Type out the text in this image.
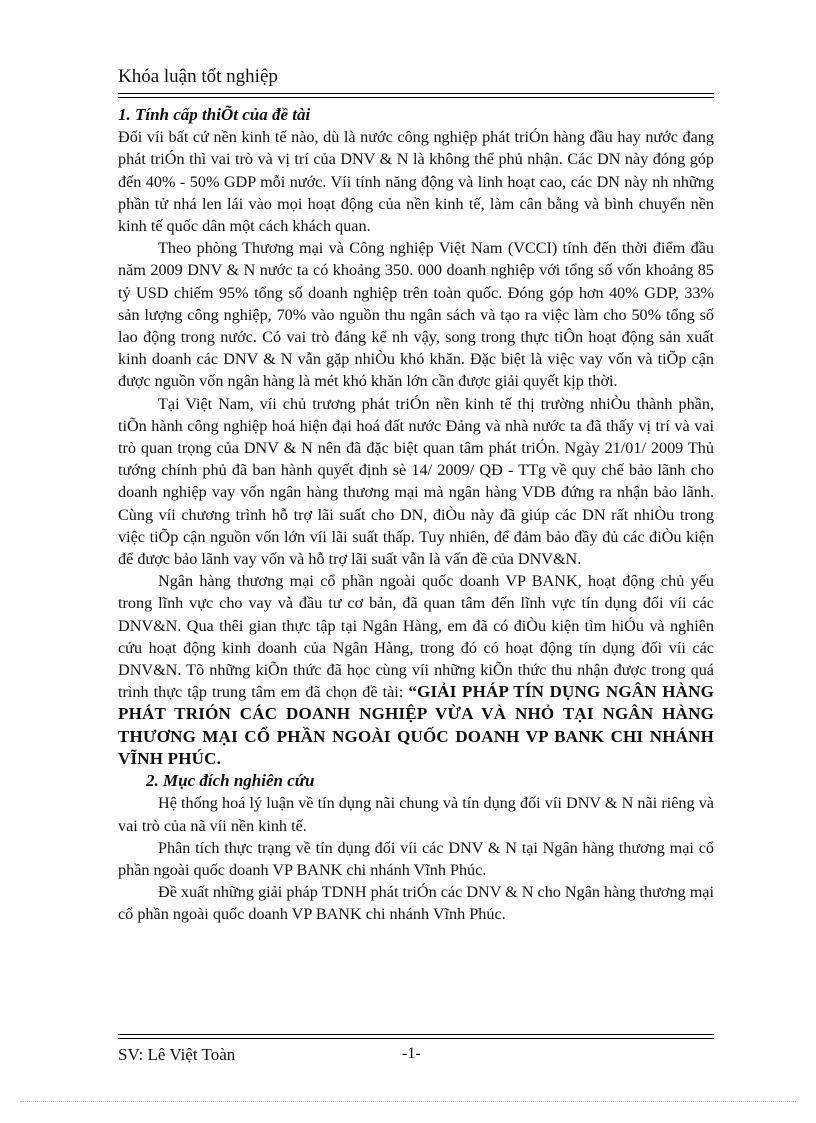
Khóa luận tốt nghiệp

1. Tính cấp thiÕt của đề tài

Đối víi bất cứ nền kinh tế nào, dù là nước công nghiệp phát triÓn hàng đầu hay nước đang phát triÓn thì vai trò và vị trí của DNV & N là không thể phủ nhận. Các DN này đóng góp đến 40% - 50% GDP mỗi nước. Víi tính năng động và linh hoạt cao, các DN này nh những phần tử nhá len lái vào mọi hoạt động của nền kinh tế, làm cân bằng và bình chuyển nền kinh tế quốc dân một cách khách quan.

Theo phòng Thương mại và Công nghiệp Việt Nam (VCCI) tính đến thời điểm đầu năm 2009 DNV & N nước ta có khoảng 350. 000 doanh nghiệp với tổng số vốn khoảng 85 tỷ USD chiếm 95% tổng số doanh nghiệp trên toàn quốc. Đóng góp hơn 40% GDP, 33% sản lượng công nghiệp, 70% vào nguồn thu ngân sách và tạo ra việc làm cho 50% tổng số lao động trong nước. Có vai trò đáng kể nh vậy, song trong thực tiÔn hoạt động sản xuất kinh doanh các DNV & N vẫn gặp nhiÒu khó khăn. Đặc biệt là việc vay vốn và tiÕp cận được nguồn vốn ngân hàng là mét khó khăn lớn cần được giải quyết kịp thời.

Tại Việt Nam, víi chủ trương phát triÓn nền kinh tế thị trường nhiÒu thành phần, tiÕn hành công nghiệp hoá hiện đại hoá đất nước Đảng và nhà nước ta đã thấy vị trí và vai trò quan trọng của DNV & N nên đã đặc biệt quan tâm phát triÓn. Ngày 21/01/ 2009 Thủ tướng chính phủ đã ban hành quyết định sè 14/ 2009/ QĐ - TTg về quy chế bảo lãnh cho doanh nghiệp vay vốn ngân hàng thương mại mà ngân hàng VDB đứng ra nhận bảo lãnh. Cùng víi chương trình hỗ trợ lãi suất cho DN, điÒu này đã giúp các DN rất nhiÒu trong việc tiÕp cận nguồn vốn lớn víi lãi suất thấp. Tuy nhiên, để đảm bảo đầy đủ các điÒu kiện để được bảo lãnh vay vốn và hỗ trợ lãi suất vẫn là vấn đề của DNV&N.

Ngân hàng thương mại cổ phần ngoài quốc doanh VP BANK, hoạt động chủ yếu trong lĩnh vực cho vay và đầu tư cơ bản, đã quan tâm đến lĩnh vực tín dụng đối víi các DNV&N. Qua thêi gian thực tập tại Ngân Hàng, em đã có điÒu kiện tìm hiÓu và nghiên cứu hoạt động kinh doanh của Ngân Hàng, trong đó có hoạt động tín dụng đối víi các DNV&N. Tõ những kiÕn thức đã học cùng víi những kiÕn thức thu nhận được trong quá trình thực tập trung tâm em đã chọn đề tài: “GIẢI PHÁP TÍN DỤNG NGÂN HÀNG PHÁT TRIÓN CÁC DOANH NGHIỆP VỪA VÀ NHỎ TẠI NGÂN HÀNG THƯƠNG MẠI CỔ PHẦN NGOÀI QUỐC DOANH VP BANK CHI NHÁNH VĨNH PHÚC.

2. Mục đích nghiên cứu

Hệ thống hoá lý luận về tín dụng nãi chung và tín dụng đối víi DNV & N nãi riêng và vai trò của nã víi nền kinh tế.

Phân tích thực trạng về tín dụng đối víi các DNV & N tại Ngân hàng thương mại cổ phần ngoài quốc doanh VP BANK chi nhánh Vĩnh Phúc.

Đề xuất những giải pháp TDNH phát triÓn các DNV & N cho Ngân hàng thương mại cổ phần ngoài quốc doanh VP BANK chi nhánh Vĩnh Phúc.

SV: Lê Việt Toàn	-1-
